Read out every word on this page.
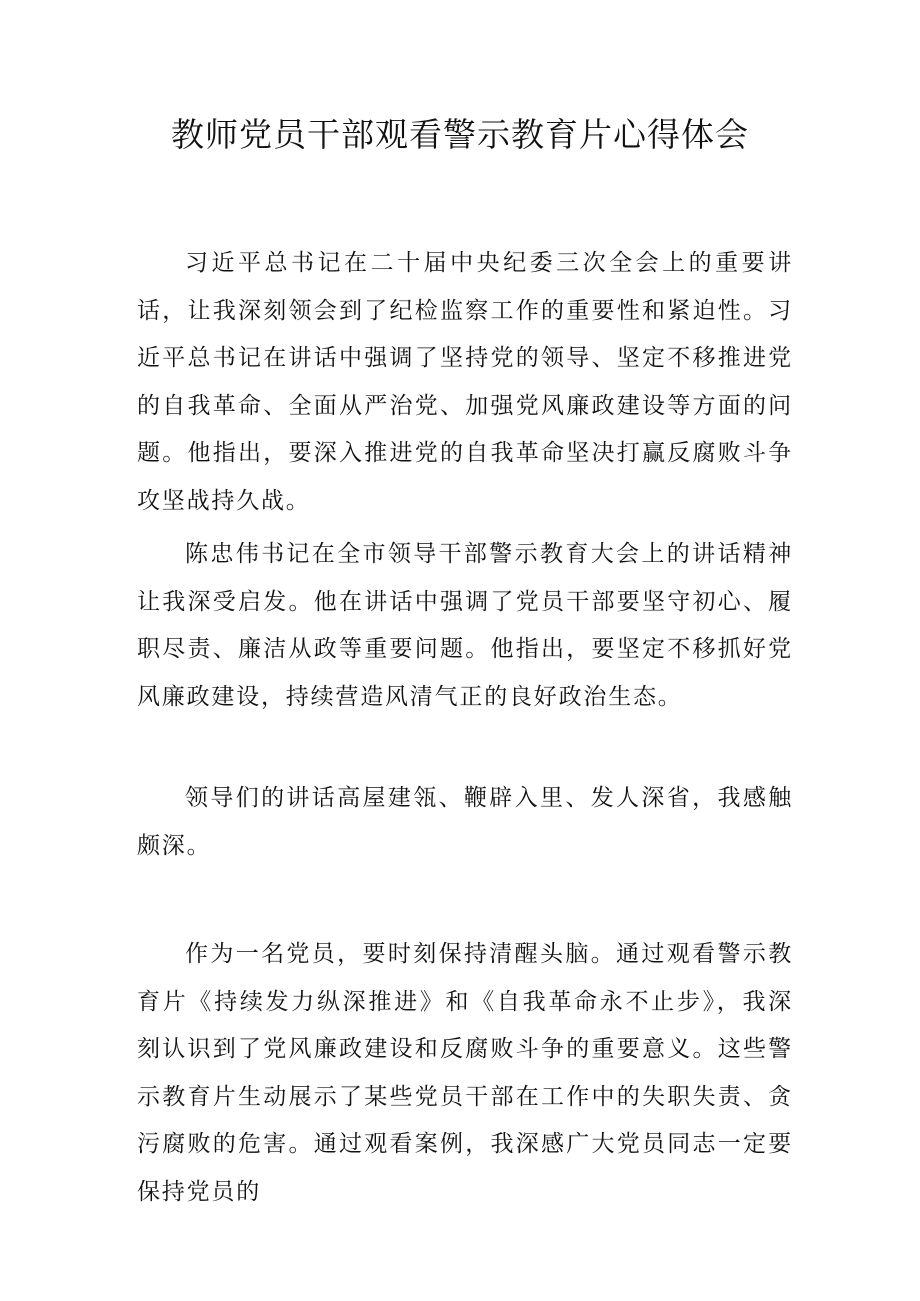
教师党员干部观看警示教育片心得体会

习近平总书记在二十届中央纪委三次全会上的重要讲话，让我深刻领会到了纪检监察工作的重要性和紧迫性。习近平总书记在讲话中强调了坚持党的领导、坚定不移推进党的自我革命、全面从严治党、加强党风廉政建设等方面的问题。他指出，要深入推进党的自我革命坚决打赢反腐败斗争攻坚战持久战。

陈忠伟书记在全市领导干部警示教育大会上的讲话精神让我深受启发。他在讲话中强调了党员干部要坚守初心、履职尽责、廉洁从政等重要问题。他指出，要坚定不移抓好党风廉政建设，持续营造风清气正的良好政治生态。

领导们的讲话高屋建瓴、鞭辟入里、发人深省，我感触颇深。

作为一名党员，要时刻保持清醒头脑。通过观看警示教育片《持续发力纵深推进》和《自我革命永不止步》，我深刻认识到了党风廉政建设和反腐败斗争的重要意义。这些警示教育片生动展示了某些党员干部在工作中的失职失责、贪污腐败的危害。通过观看案例，我深感广大党员同志一定要保持党员的
